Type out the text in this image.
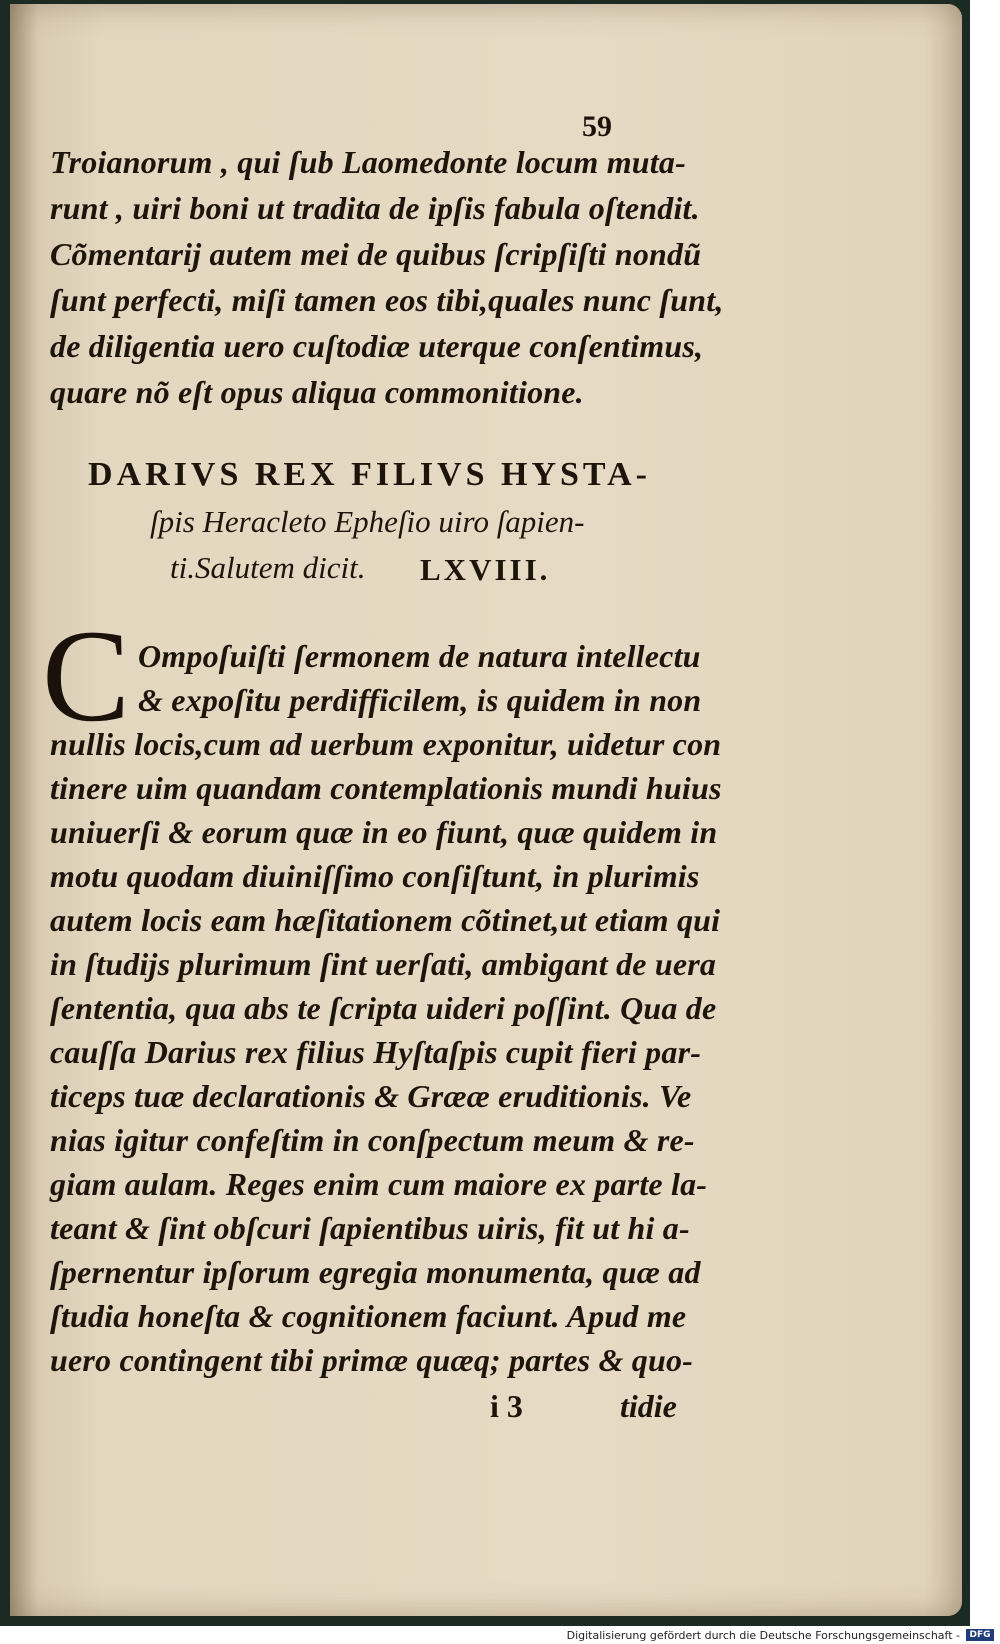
59
Troianorum , qui ſub Laomedonte locum muta-
runt , uiri boni ut tradita de ipſis fabula oſtendit.
Cõmentarij autem mei de quibus ſcripſiſti nondũ
ſunt perfecti, miſi tamen eos tibi,quales nunc ſunt,
de diligentia uero cuſtodiæ uterque conſentimus,
quare nõ eſt opus aliqua commonitione.
DARIVS REX FILIVS HYSTA-
ſpis Heracleto Epheſio uiro ſapien-
ti.Salutem dicit. LXVIII.
C Ompoſuiſti ſermonem de natura intellectu
& expoſitu perdifficilem, is quidem in non
nullis locis,cum ad uerbum exponitur, uidetur con
tinere uim quandam contemplationis mundi huius
uniuerſi & eorum quæ in eo fiunt, quæ quidem in
motu quodam diuiniſſimo conſiſtunt, in plurimis
autem locis eam hæſitationem cõtinet,ut etiam qui
in ſtudijs plurimum ſint uerſati, ambigant de uera
ſententia, qua abs te ſcripta uideri poſſint. Qua de
cauſſa Darius rex filius Hyſtaſpis cupit fieri par-
ticeps tuæ declarationis & Grææ eruditionis. Ve
nias igitur confeſtim in conſpectum meum & re-
giam aulam. Reges enim cum maiore ex parte la-
teant & ſint obſcuri ſapientibus uiris, fit ut hi a-
ſpernentur ipſorum egregia monumenta, quæ ad
ſtudia honeſta & cognitionem faciunt. Apud me
uero contingent tibi primæ quæq; partes & quo-
i 3	tidie
Digitalisierung gefördert durch die Deutsche Forschungsgemeinschaft -	DFG
